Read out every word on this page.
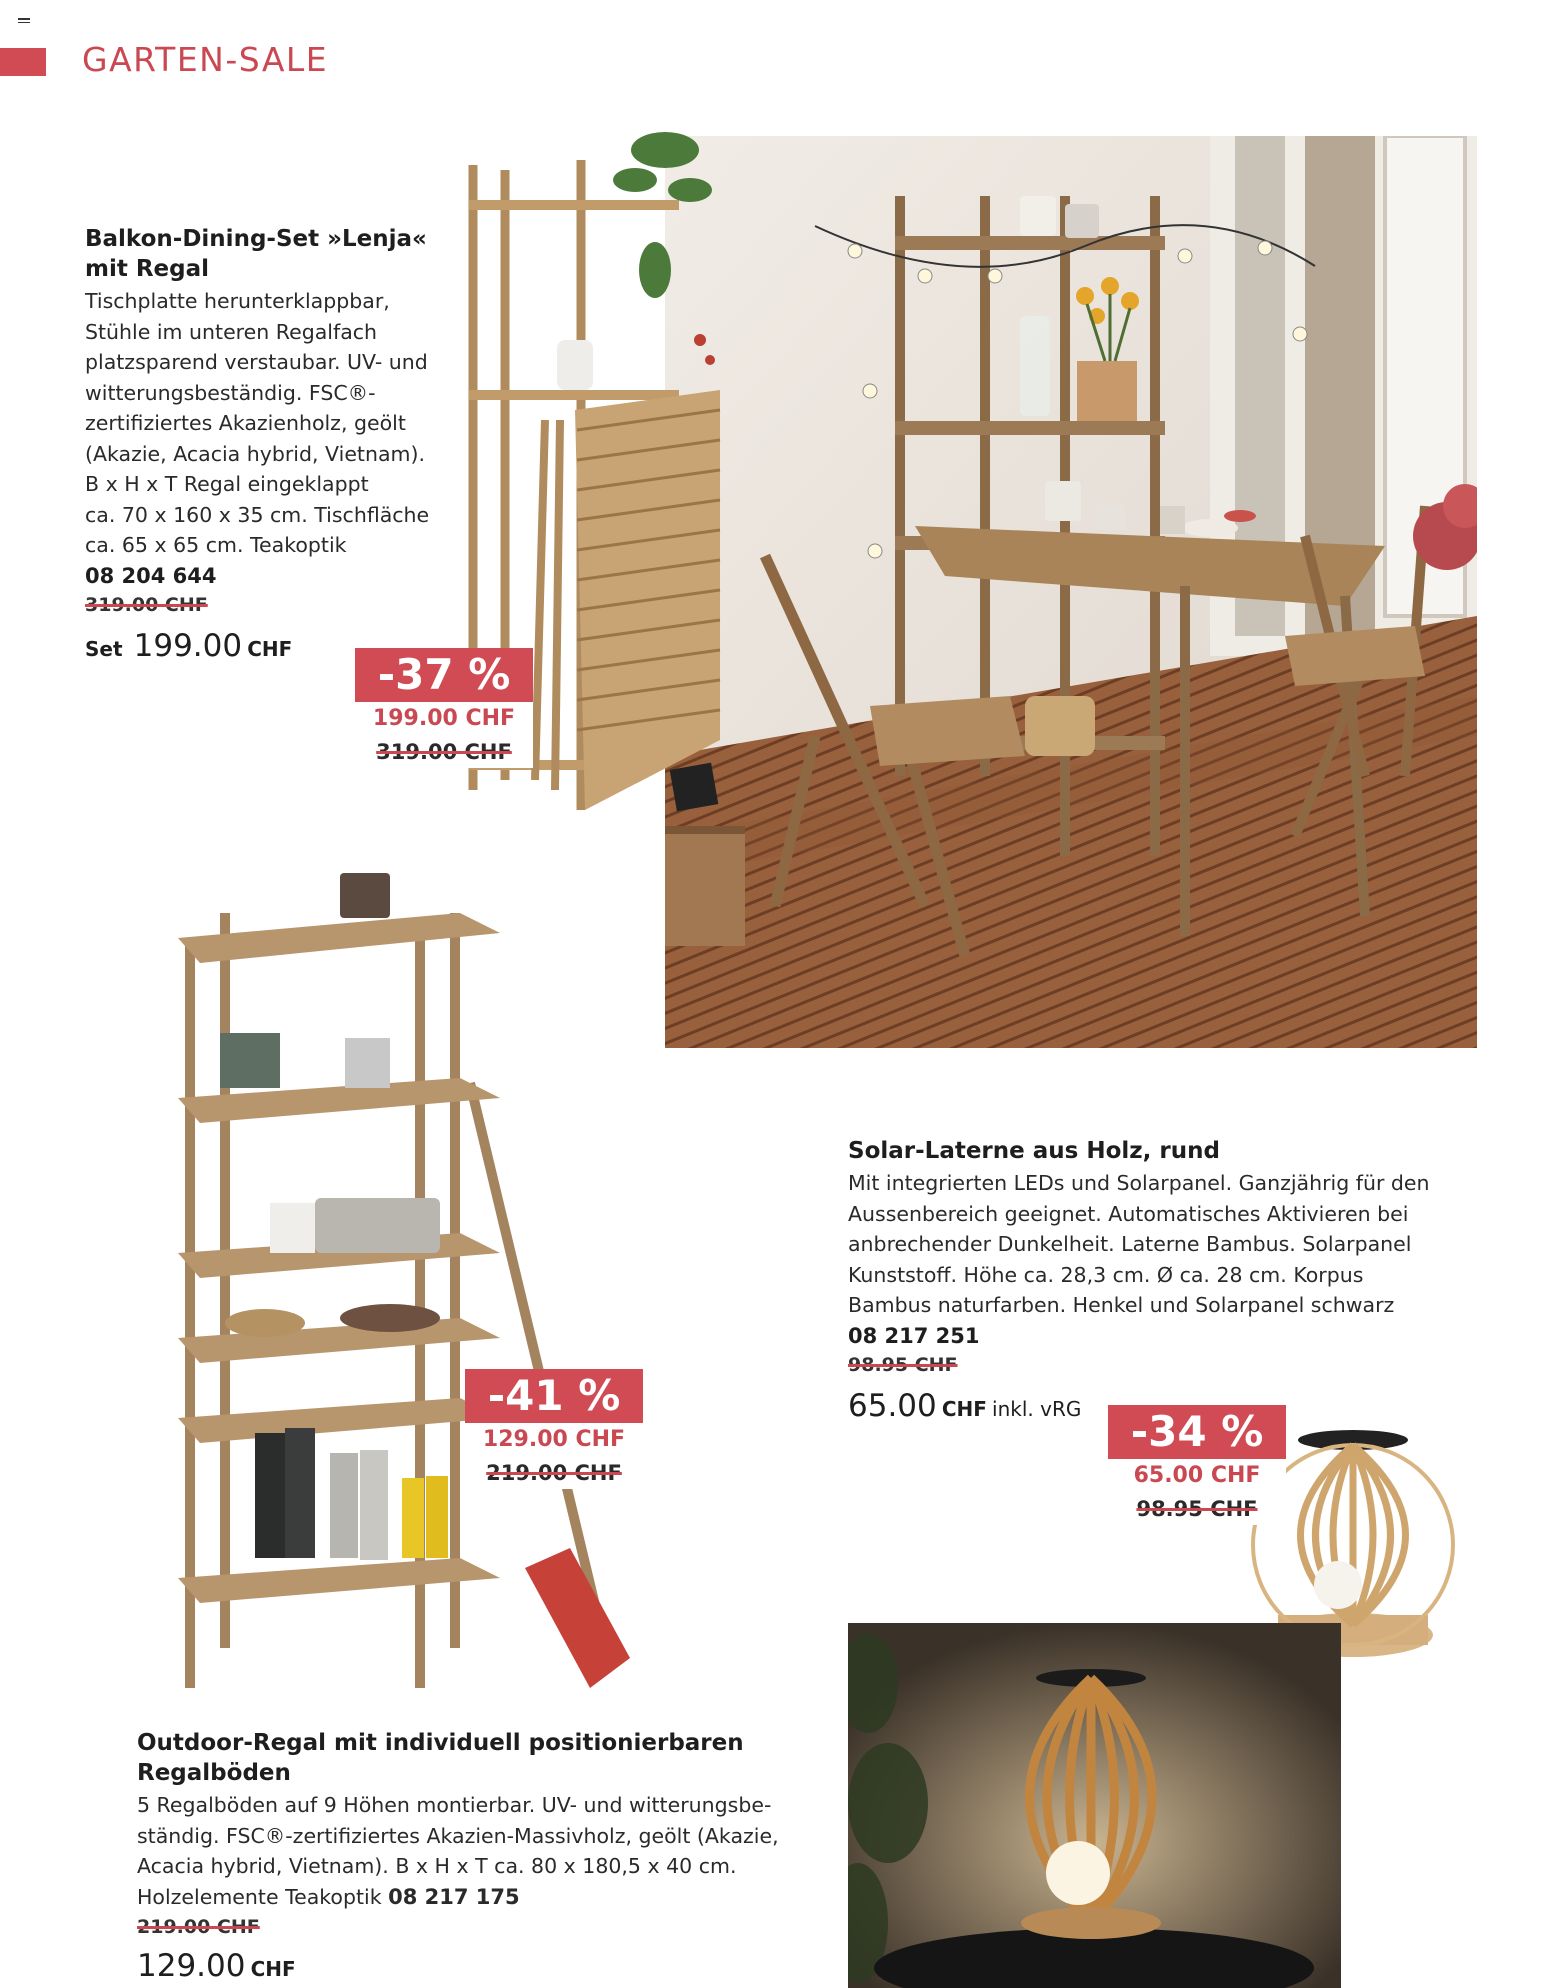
GARTEN-SALE
Balkon-Dining-Set »Lenja«
mit Regal
Tischplatte herunterklappbar,
Stühle im unteren Regalfach
platzsparend verstaubar. UV- und
witterungsbeständig. FSC®-
zertifiziertes Akazienholz, geölt
(Akazie, Acacia hybrid, Vietnam).
B x H x T Regal eingeklappt
ca. 70 x 160 x 35 cm. Tischfläche
ca. 65 x 65 cm. Teakoptik
08 204 644
319.00 CHF
Set 199.00 CHF
-37 %
199.00 CHF
319.00 CHF
-41 %
129.00 CHF
219.00 CHF
Outdoor-Regal mit individuell positionierbaren
Regalböden
5 Regalböden auf 9 Höhen montierbar. UV- und witterungsbe-
ständig. FSC®-zertifiziertes Akazien-Massivholz, geölt (Akazie,
Acacia hybrid, Vietnam). B x H x T ca. 80 x 180,5 x 40 cm.
Holzelemente Teakoptik 08 217 175
219.00 CHF
129.00 CHF
Solar-Laterne aus Holz, rund
Mit integrierten LEDs und Solarpanel. Ganzjährig für den
Aussenbereich geeignet. Automatisches Aktivieren bei
anbrechender Dunkelheit. Laterne Bambus. Solarpanel
Kunststoff. Höhe ca. 28,3 cm. Ø ca. 28 cm. Korpus
Bambus naturfarben. Henkel und Solarpanel schwarz
08 217 251
98.95 CHF
65.00 CHF inkl. vRG	-34 %
65.00 CHF
98.95 CHF
